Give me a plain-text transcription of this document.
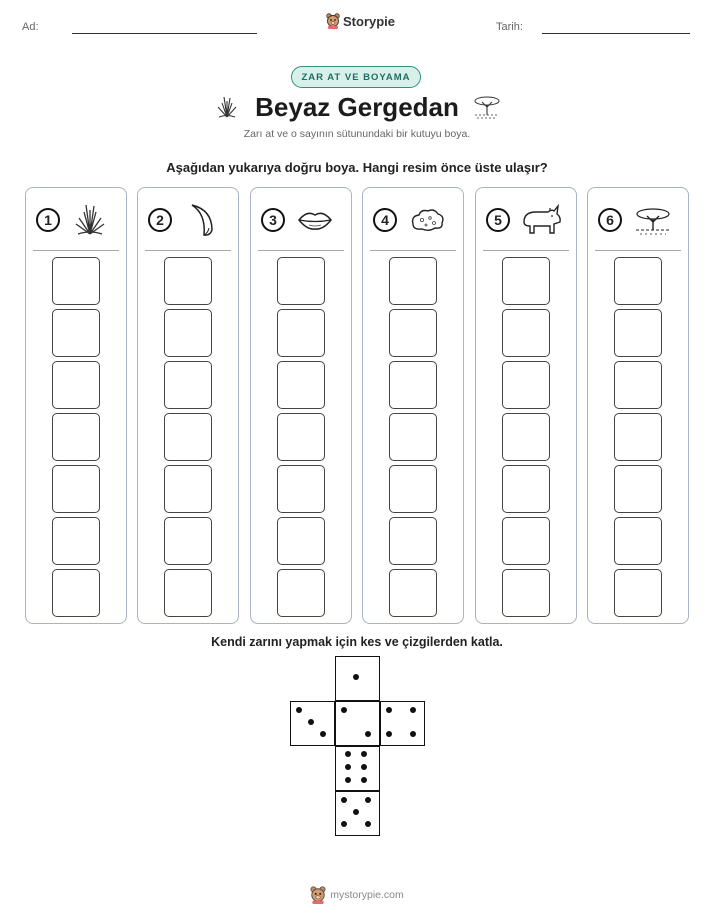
Ad:	Storypie	Tarih:
ZAR AT VE BOYAMA
Beyaz Gergedan
Zarı at ve o sayının sütunundaki bir kutuyu boya.
Aşağıdan yukarıya doğru boya. Hangi resim önce üste ulaşır?
1	2	3	4	5	6
Kendi zarını yapmak için kes ve çizgilerden katla.
mystorypie.com
